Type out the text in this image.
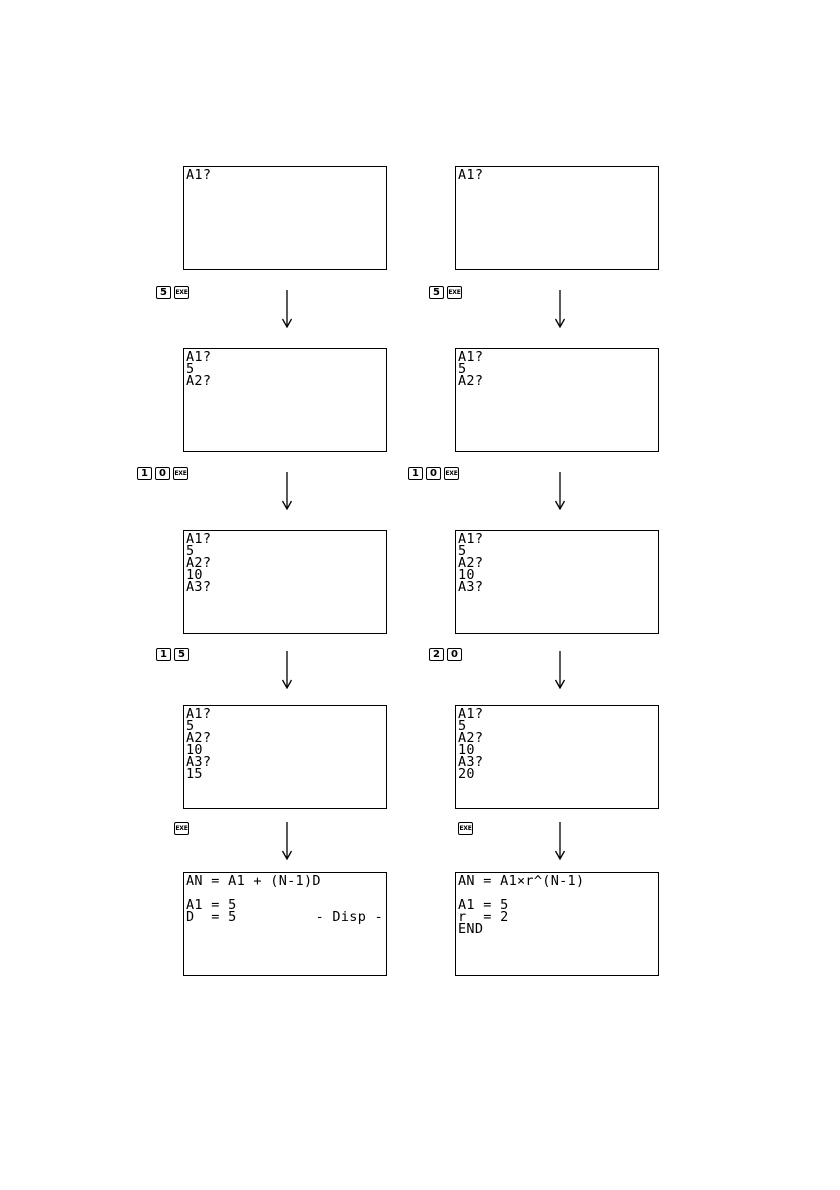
A1?
A1?
5
A2?
A1?
5
A2?
10
A3?
A1?
5
A2?
10
A3?
15
AN = A1 + (N-1)D
A1 = 5
D  = 5	- Disp -
5	EXE
1	0	EXE
1	5
EXE
A1?
A1?
5
A2?
A1?
5
A2?
10
A3?
A1?
5
A2?
10
A3?
20
AN = A1×r^(N-1)
A1 = 5
r  = 2
END
5	EXE
1	0	EXE
2	0
EXE
